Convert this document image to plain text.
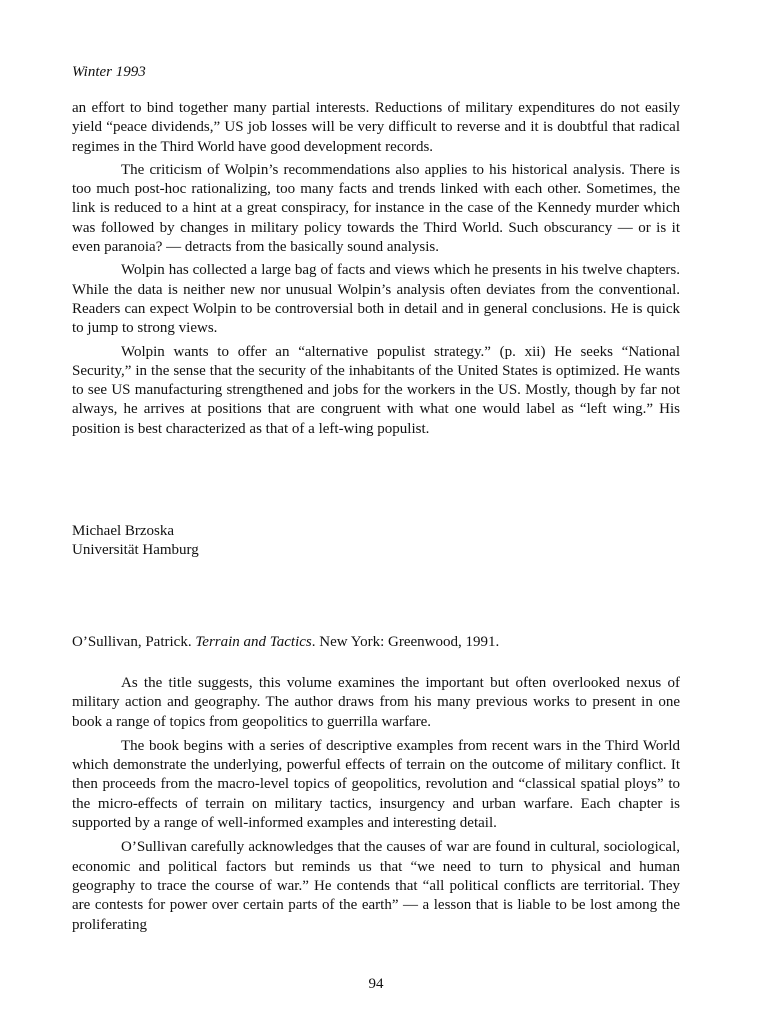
Winter 1993

an effort to bind together many partial interests. Reductions of military expenditures do not easily yield “peace dividends,” US job losses will be very difficult to reverse and it is doubtful that radical regimes in the Third World have good development records.

The criticism of Wolpin’s recommendations also applies to his historical analysis. There is too much post-hoc rationalizing, too many facts and trends linked with each other. Sometimes, the link is reduced to a hint at a great conspiracy, for instance in the case of the Kennedy murder which was followed by changes in military policy towards the Third World. Such obscurancy — or is it even paranoia? — detracts from the basically sound analysis.

Wolpin has collected a large bag of facts and views which he presents in his twelve chapters. While the data is neither new nor unusual Wolpin’s analysis often deviates from the conventional. Readers can expect Wolpin to be controversial both in detail and in general conclusions. He is quick to jump to strong views.

Wolpin wants to offer an “alternative populist strategy.” (p. xii) He seeks “National Security,” in the sense that the security of the inhabitants of the United States is optimized. He wants to see US manufacturing strengthened and jobs for the workers in the US. Mostly, though by far not always, he arrives at positions that are congruent with what one would label as “left wing.” His position is best characterized as that of a left-wing populist.

Michael Brzoska
Universität Hamburg
O’Sullivan, Patrick. Terrain and Tactics. New York: Greenwood, 1991.

As the title suggests, this volume examines the important but often overlooked nexus of military action and geography. The author draws from his many previous works to present in one book a range of topics from geopolitics to guerrilla warfare.

The book begins with a series of descriptive examples from recent wars in the Third World which demonstrate the underlying, powerful effects of terrain on the outcome of military conflict. It then proceeds from the macro-level topics of geopolitics, revolution and “classical spatial ploys” to the micro-effects of terrain on military tactics, insurgency and urban warfare. Each chapter is supported by a range of well-informed examples and interesting detail.

O’Sullivan carefully acknowledges that the causes of war are found in cultural, sociological, economic and political factors but reminds us that “we need to turn to physical and human geography to trace the course of war.” He contends that “all political conflicts are territorial. They are contests for power over certain parts of the earth” — a lesson that is liable to be lost among the proliferating

94
